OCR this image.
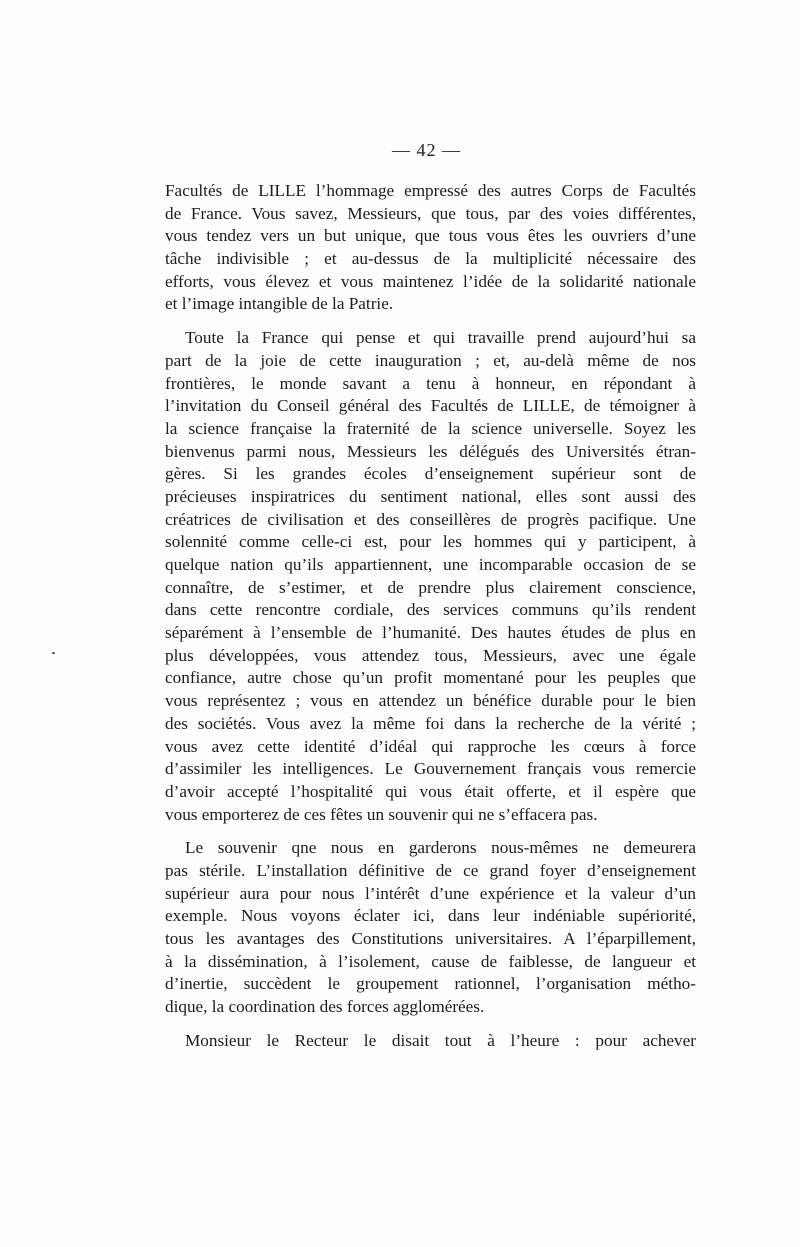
— 42 —
Facultés de LILLE l’hommage empressé des autres Corps de Facultés
de France. Vous savez, Messieurs, que tous, par des voies différentes,
vous tendez vers un but unique, que tous vous êtes les ouvriers d’une
tâche indivisible ; et au-dessus de la multiplicité nécessaire des
efforts, vous élevez et vous maintenez l’idée de la solidarité nationale
et l’image intangible de la Patrie.
Toute la France qui pense et qui travaille prend aujourd’hui sa
part de la joie de cette inauguration ; et, au-delà même de nos
frontières, le monde savant a tenu à honneur, en répondant à
l’invitation du Conseil général des Facultés de LILLE, de témoigner à
la science française la fraternité de la science universelle. Soyez les
bienvenus parmi nous, Messieurs les délégués des Universités étran-
gères. Si les grandes écoles d’enseignement supérieur sont de
précieuses inspiratrices du sentiment national, elles sont aussi des
créatrices de civilisation et des conseillères de progrès pacifique. Une
solennité comme celle-ci est, pour les hommes qui y participent, à
quelque nation qu’ils appartiennent, une incomparable occasion de se
connaître, de s’estimer, et de prendre plus clairement conscience,
dans cette rencontre cordiale, des services communs qu’ils rendent
séparément à l’ensemble de l’humanité. Des hautes études de plus en
plus développées, vous attendez tous, Messieurs, avec une égale
confiance, autre chose qu’un profit momentané pour les peuples que
vous représentez ; vous en attendez un bénéfice durable pour le bien
des sociétés. Vous avez la même foi dans la recherche de la vérité ;
vous avez cette identité d’idéal qui rapproche les cœurs à force
d’assimiler les intelligences. Le Gouvernement français vous remercie
d’avoir accepté l’hospitalité qui vous était offerte, et il espère que
vous emporterez de ces fêtes un souvenir qui ne s’effacera pas.
Le souvenir qne nous en garderons nous-mêmes ne demeurera
pas stérile. L’installation définitive de ce grand foyer d’enseignement
supérieur aura pour nous l’intérêt d’une expérience et la valeur d’un
exemple. Nous voyons éclater ici, dans leur indéniable supériorité,
tous les avantages des Constitutions universitaires. A l’éparpillement,
à la dissémination, à l’isolement, cause de faiblesse, de langueur et
d’inertie, succèdent le groupement rationnel, l’organisation métho-
dique, la coordination des forces agglomérées.
Monsieur le Recteur le disait tout à l’heure : pour achever
